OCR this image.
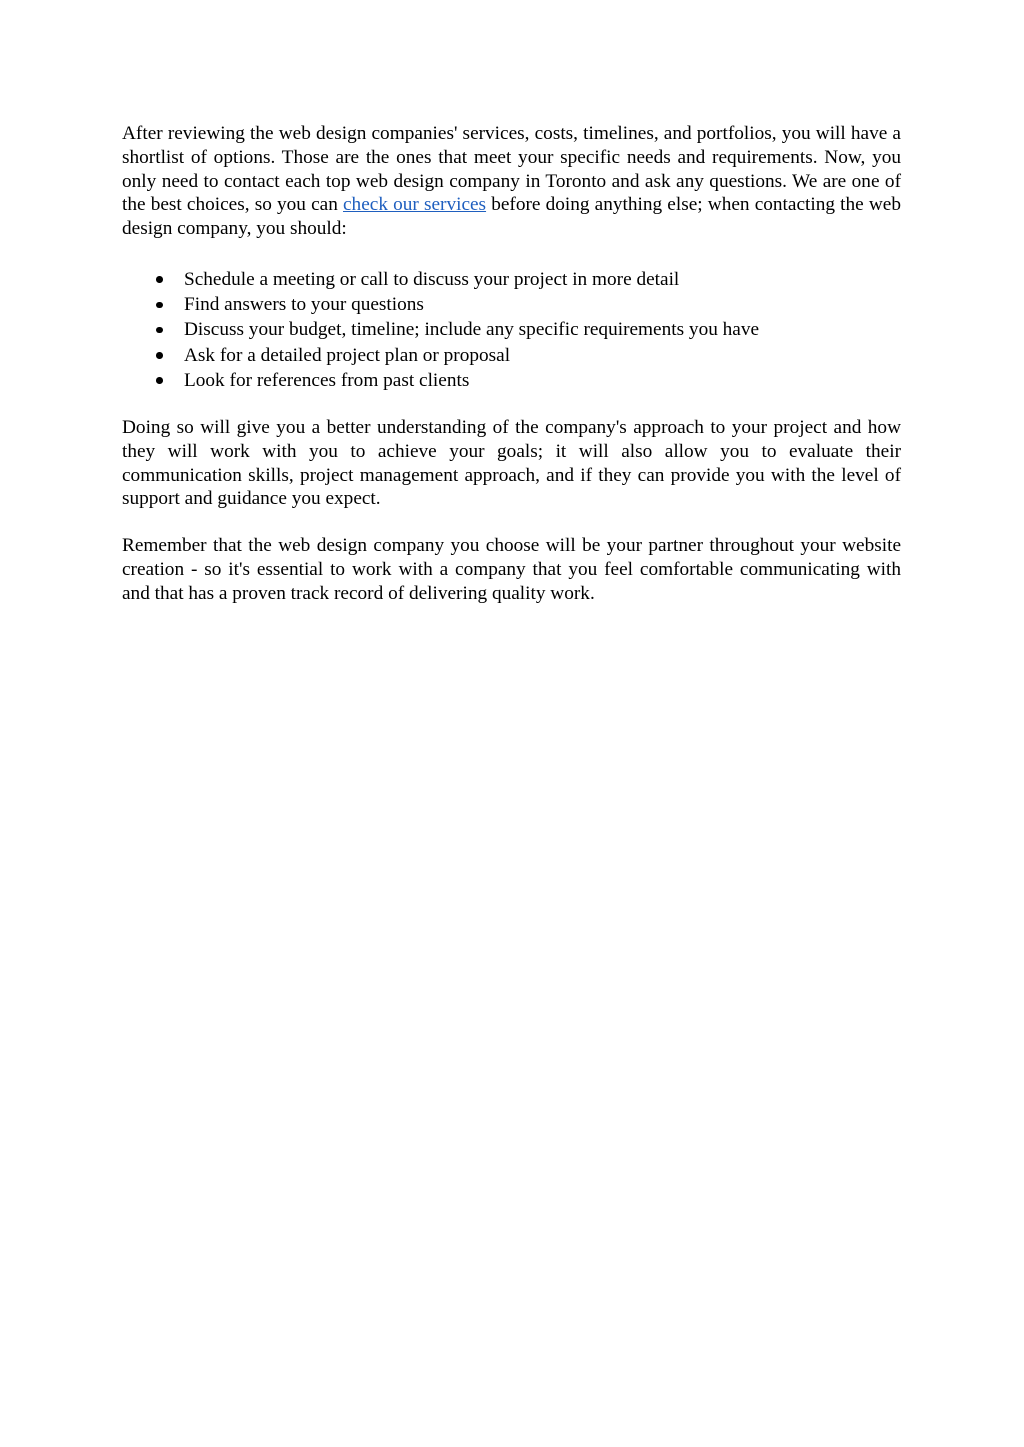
After reviewing the web design companies' services, costs, timelines, and portfolios, you will have a shortlist of options. Those are the ones that meet your specific needs and requirements. Now, you only need to contact each top web design company in Toronto and ask any questions. We are one of the best choices, so you can check our services before doing anything else; when contacting the web design company, you should:

Schedule a meeting or call to discuss your project in more detail
Find answers to your questions
Discuss your budget, timeline; include any specific requirements you have
Ask for a detailed project plan or proposal
Look for references from past clients

Doing so will give you a better understanding of the company's approach to your project and how they will work with you to achieve your goals; it will also allow you to evaluate their communication skills, project management approach, and if they can provide you with the level of support and guidance you expect.

Remember that the web design company you choose will be your partner throughout your website creation - so it's essential to work with a company that you feel comfortable communicating with and that has a proven track record of delivering quality work.
